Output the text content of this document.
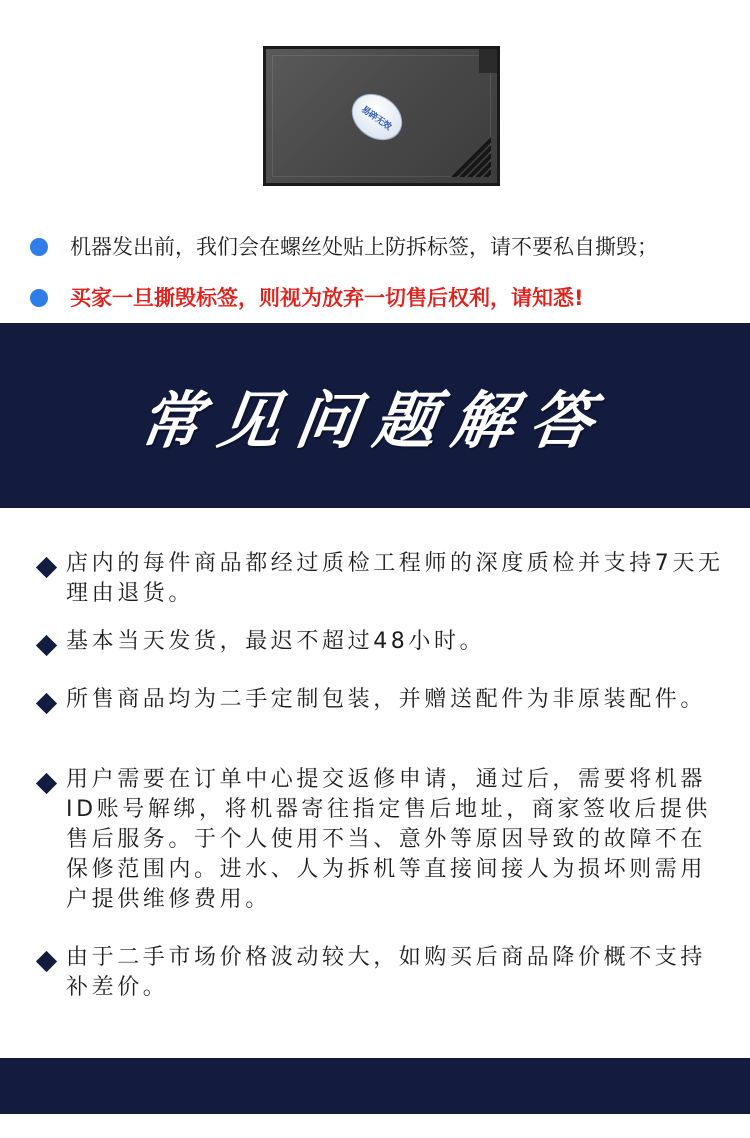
易碎无效
机器发出前，我们会在螺丝处贴上防拆标签，请不要私自撕毁；
买家一旦撕毁标签，则视为放弃一切售后权利，请知悉!
常见问题解答
店内的每件商品都经过质检工程师的深度质检并支持7天无理由退货。
基本当天发货，最迟不超过48小时。
所售商品均为二手定制包装，并赠送配件为非原装配件。
用户需要在订单中心提交返修申请，通过后，需要将机器ID账号解绑，将机器寄往指定售后地址，商家签收后提供售后服务。于个人使用不当、意外等原因导致的故障不在保修范围内。进水、人为拆机等直接间接人为损坏则需用户提供维修费用。
由于二手市场价格波动较大，如购买后商品降价概不支持补差价。
